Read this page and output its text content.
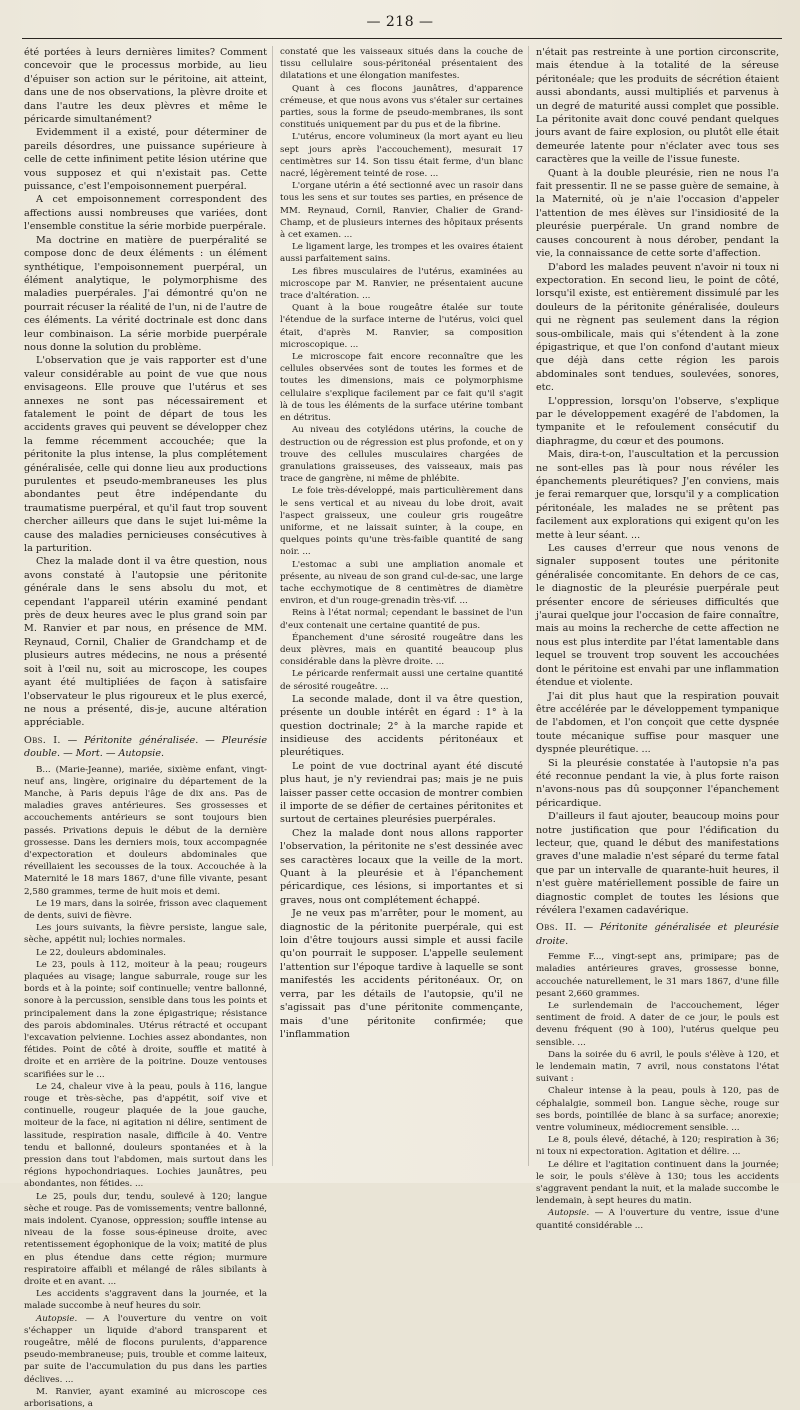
— 218 —

été portées à leurs dernières limites? Comment concevoir que le processus morbide, au lieu d'épuiser son action sur le péritoine, ait atteint, dans une de nos observations, la plèvre droite et dans l'autre les deux plèvres et même le péricarde simultanément?

Evidemment il a existé, pour déterminer de pareils désordres, une puissance supérieure à celle de cette infiniment petite lésion utérine que vous supposez et qui n'existait pas. Cette puissance, c'est l'empoisonnement puerpéral.

A cet empoisonnement correspondent des affections aussi nombreuses que variées, dont l'ensemble constitue la série morbide puerpérale.

Ma doctrine en matière de puerpéralité se compose donc de deux éléments : un élément synthétique, l'empoisonnement puerpéral, un élément analytique, le polymorphisme des maladies puerpérales. J'ai démontré qu'on ne pourrait récuser la réalité de l'un, ni de l'autre de ces éléments. La vérité doctrinale est donc dans leur combinaison. La série morbide puerpérale nous donne la solution du problème.

L'observation que je vais rapporter est d'une valeur considérable au point de vue que nous envisageons. Elle prouve que l'utérus et ses annexes ne sont pas nécessairement et fatalement le point de départ de tous les accidents graves qui peuvent se développer chez la femme récemment accouchée; que la péritonite la plus intense, la plus complétement généralisée, celle qui donne lieu aux productions purulentes et pseudo-membraneuses les plus abondantes peut être indépendante du traumatisme puerpéral, et qu'il faut trop souvent chercher ailleurs que dans le sujet lui-même la cause des maladies pernicieuses consécutives à la parturition.

Chez la malade dont il va être question, nous avons constaté à l'autopsie une péritonite générale dans le sens absolu du mot, et cependant l'appareil utérin examiné pendant près de deux heures avec le plus grand soin par M. Ranvier et par nous, en présence de MM. Reynaud, Cornil, Chalier de Grandchamp et de plusieurs autres médecins, ne nous a présenté soit à l'œil nu, soit au microscope, les coupes ayant été multipliées de façon à satisfaire l'observateur le plus rigoureux et le plus exercé, ne nous a présenté, dis-je, aucune altération appréciable.

Obs. I. — Péritonite généralisée. — Pleurésie double. — Mort. — Autopsie.

B... (Marie-Jeanne), mariée, sixième enfant, vingt-neuf ans, lingère, originaire du département de la Manche, à Paris depuis l'âge de dix ans. Pas de maladies graves antérieures. Ses grossesses et accouchements antérieurs se sont toujours bien passés. Privations depuis le début de la dernière grossesse. Dans les derniers mois, toux accompagnée d'expectoration et douleurs abdominales que réveillaient les secousses de la toux. Accouchée à la Maternité le 18 mars 1867, d'une fille vivante, pesant 2,580 grammes, terme de huit mois et demi.

Le 19 mars, dans la soirée, frisson avec claquement de dents, suivi de fièvre.

Les jours suivants, la fièvre persiste, langue sale, sèche, appétit nul; lochies normales.

Le 22, douleurs abdominales.

Le 23, pouls à 112, moiteur à la peau; rougeurs plaquées au visage; langue saburrale, rouge sur les bords et à la pointe; soif continuelle; ventre ballonné, sonore à la percussion, sensible dans tous les points et principalement dans la zone épigastrique; résistance des parois abdominales. Utérus rétracté et occupant l'excavation pelvienne. Lochies assez abondantes, non fétides. Point de côté à droite, souffle et matité à droite et en arrière de la poitrine. Douze ventouses scarifiées sur le ...

Le 24, chaleur vive à la peau, pouls à 116, langue rouge et très-sèche, pas d'appétit, soif vive et continuelle, rougeur plaquée de la joue gauche, moiteur de la face, ni agitation ni délire, sentiment de lassitude, respiration nasale, difficile à 40. Ventre tendu et ballonné, douleurs spontanées et à la pression dans tout l'abdomen, mais surtout dans les régions hypochondriaques. Lochies jaunâtres, peu abondantes, non fétides. ...

Le 25, pouls dur, tendu, soulevé à 120; langue sèche et rouge. Pas de vomissements; ventre ballonné, mais indolent. Cyanose, oppression; souffle intense au niveau de la fosse sous-épineuse droite, avec retentissement égophonique de la voix; matité de plus en plus étendue dans cette région; murmure respiratoire affaibli et mélangé de râles sibilants à droite et en avant. ...

Les accidents s'aggravent dans la journée, et la malade succombe à neuf heures du soir.

Autopsie. — A l'ouverture du ventre on voit s'échapper un liquide d'abord transparent et rougeâtre, mêlé de flocons purulents, d'apparence pseudo-membraneuse; puis, trouble et comme laiteux, par suite de l'accumulation du pus dans les parties déclives. ...

M. Ranvier, ayant examiné au microscope ces arborisations, a

constaté que les vaisseaux situés dans la couche de tissu cellulaire sous-péritonéal présentaient des dilatations et une élongation manifestes.

Quant à ces flocons jaunâtres, d'apparence crémeuse, et que nous avons vus s'étaler sur certaines parties, sous la forme de pseudo-membranes, ils sont constitués uniquement par du pus et de la fibrine.

L'utérus, encore volumineux (la mort ayant eu lieu sept jours après l'accouchement), mesurait 17 centimètres sur 14. Son tissu était ferme, d'un blanc nacré, légèrement teinté de rose. ...

L'organe utérin a été sectionné avec un rasoir dans tous les sens et sur toutes ses parties, en présence de MM. Reynaud, Cornil, Ranvier, Chalier de Grand-Champ, et de plusieurs internes des hôpitaux présents à cet examen. ...

Le ligament large, les trompes et les ovaires étaient aussi parfaitement sains.

Les fibres musculaires de l'utérus, examinées au microscope par M. Ranvier, ne présentaient aucune trace d'altération. ...

Quant à la boue rougeâtre étalée sur toute l'étendue de la surface interne de l'utérus, voici quel était, d'après M. Ranvier, sa composition microscopique. ...

Le microscope fait encore reconnaître que les cellules observées sont de toutes les formes et de toutes les dimensions, mais ce polymorphisme cellulaire s'explique facilement par ce fait qu'il s'agit là de tous les éléments de la surface utérine tombant en détritus.

Au niveau des cotylédons utérins, la couche de destruction ou de régression est plus profonde, et on y trouve des cellules musculaires chargées de granulations graisseuses, des vaisseaux, mais pas trace de gangrène, ni même de phlébite.

Le foie très-développé, mais particulièrement dans le sens vertical et au niveau du lobe droit, avait l'aspect graisseux, une couleur gris rougeâtre uniforme, et ne laissait suinter, à la coupe, en quelques points qu'une très-faible quantité de sang noir. ...

L'estomac a subi une ampliation anomale et présente, au niveau de son grand cul-de-sac, une large tache ecchymotique de 8 centimètres de diamètre environ, et d'un rouge-grenadin très-vif. ...

Reins à l'état normal; cependant le bassinet de l'un d'eux contenait une certaine quantité de pus.

Épanchement d'une sérosité rougeâtre dans les deux plèvres, mais en quantité beaucoup plus considérable dans la plèvre droite. ...

Le péricarde renfermait aussi une certaine quantité de sérosité rougeâtre. ...

La seconde malade, dont il va être question, présente un double intérêt en égard : 1° à la question doctrinale; 2° à la marche rapide et insidieuse des accidents péritonéaux et pleurétiques.

Le point de vue doctrinal ayant été discuté plus haut, je n'y reviendrai pas; mais je ne puis laisser passer cette occasion de montrer combien il importe de se défier de certaines péritonites et surtout de certaines pleurésies puerpérales.

Chez la malade dont nous allons rapporter l'observation, la péritonite ne s'est dessinée avec ses caractères locaux que la veille de la mort. Quant à la pleurésie et à l'épanchement péricardique, ces lésions, si importantes et si graves, nous ont complétement échappé.

Je ne veux pas m'arrêter, pour le moment, au diagnostic de la péritonite puerpérale, qui est loin d'être toujours aussi simple et aussi facile qu'on pourrait le supposer. L'appelle seulement l'attention sur l'époque tardive à laquelle se sont manifestés les accidents péritonéaux. Or, on verra, par les détails de l'autopsie, qu'il ne s'agissait pas d'une péritonite commençante, mais d'une péritonite confirmée; que l'inflammation

n'était pas restreinte à une portion circonscrite, mais étendue à la totalité de la séreuse péritonéale; que les produits de sécrétion étaient aussi abondants, aussi multipliés et parvenus à un degré de maturité aussi complet que possible. La péritonite avait donc couvé pendant quelques jours avant de faire explosion, ou plutôt elle était demeurée latente pour n'éclater avec tous ses caractères que la veille de l'issue funeste.

Quant à la double pleurésie, rien ne nous l'a fait pressentir. Il ne se passe guère de semaine, à la Maternité, où je n'aie l'occasion d'appeler l'attention de mes élèves sur l'insidiosité de la pleurésie puerpérale. Un grand nombre de causes concourent à nous dérober, pendant la vie, la connaissance de cette sorte d'affection.

D'abord les malades peuvent n'avoir ni toux ni expectoration. En second lieu, le point de côté, lorsqu'il existe, est entièrement dissimulé par les douleurs de la péritonite généralisée, douleurs qui ne règnent pas seulement dans la région sous-ombilicale, mais qui s'étendent à la zone épigastrique, et que l'on confond d'autant mieux que déjà dans cette région les parois abdominales sont tendues, soulevées, sonores, etc.

L'oppression, lorsqu'on l'observe, s'explique par le développement exagéré de l'abdomen, la tympanite et le refoulement consécutif du diaphragme, du cœur et des poumons.

Mais, dira-t-on, l'auscultation et la percussion ne sont-elles pas là pour nous révéler les épanchements pleurétiques? J'en conviens, mais je ferai remarquer que, lorsqu'il y a complication péritonéale, les malades ne se prêtent pas facilement aux explorations qui exigent qu'on les mette à leur séant. ...

Les causes d'erreur que nous venons de signaler supposent toutes une péritonite généralisée concomitante. En dehors de ce cas, le diagnostic de la pleurésie puerpérale peut présenter encore de sérieuses difficultés que j'aurai quelque jour l'occasion de faire connaître, mais au moins la recherche de cette affection ne nous est plus interdite par l'état lamentable dans lequel se trouvent trop souvent les accouchées dont le péritoine est envahi par une inflammation étendue et violente.

J'ai dit plus haut que la respiration pouvait être accélérée par le développement tympanique de l'abdomen, et l'on conçoit que cette dyspnée toute mécanique suffise pour masquer une dyspnée pleurétique. ...

Si la pleurésie constatée à l'autopsie n'a pas été reconnue pendant la vie, à plus forte raison n'avons-nous pas dû soupçonner l'épanchement péricardique.

D'ailleurs il faut ajouter, beaucoup moins pour notre justification que pour l'édification du lecteur, que, quand le début des manifestations graves d'une maladie n'est séparé du terme fatal que par un intervalle de quarante-huit heures, il n'est guère matériellement possible de faire un diagnostic complet de toutes les lésions que révélera l'examen cadavérique.

Obs. II. — Péritonite généralisée et pleurésie droite.

Femme F..., vingt-sept ans, primipare; pas de maladies antérieures graves, grossesse bonne, accouchée naturellement, le 31 mars 1867, d'une fille pesant 2,660 grammes.

Le surlendemain de l'accouchement, léger sentiment de froid. A dater de ce jour, le pouls est devenu fréquent (90 à 100), l'utérus quelque peu sensible. ...

Dans la soirée du 6 avril, le pouls s'élève à 120, et le lendemain matin, 7 avril, nous constatons l'état suivant :

Chaleur intense à la peau, pouls à 120, pas de céphalalgie, sommeil bon. Langue sèche, rouge sur ses bords, pointillée de blanc à sa surface; anorexie; ventre volumineux, médiocrement sensible. ...

Le 8, pouls élevé, détaché, à 120; respiration à 36; ni toux ni expectoration. Agitation et délire. ...

Le délire et l'agitation continuent dans la journée; le soir, le pouls s'élève à 130; tous les accidents s'aggravent pendant la nuit, et la malade succombe le lendemain, à sept heures du matin.

Autopsie. — A l'ouverture du ventre, issue d'une quantité considérable ...
